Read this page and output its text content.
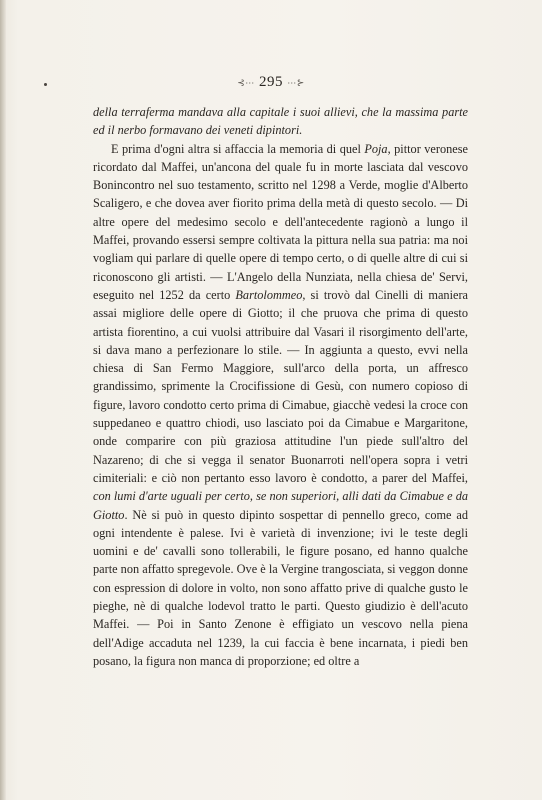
⊰⋯ 295 ⋯⊱

della terraferma mandava alla capitale i suoi allievi, che la massima parte ed il nerbo formavano dei veneti dipintori.

E prima d'ogni altra si affaccia la memoria di quel Poja, pittor veronese ricordato dal Maffei, un'ancona del quale fu in morte lasciata dal vescovo Bonincontro nel suo testamento, scritto nel 1298 a Verde, moglie d'Alberto Scaligero, e che dovea aver fiorito prima della metà di questo secolo. — Di altre opere del medesimo secolo e dell'antecedente ragionò a lungo il Maffei, provando essersi sempre coltivata la pittura nella sua patria: ma noi vogliam qui parlare di quelle opere di tempo certo, o di quelle altre di cui si riconoscono gli artisti. — L'Angelo della Nunziata, nella chiesa de' Servi, eseguito nel 1252 da certo Bartolommeo, si trovò dal Cinelli di maniera assai migliore delle opere di Giotto; il che pruova che prima di questo artista fiorentino, a cui vuolsi attribuire dal Vasari il risorgimento dell'arte, si dava mano a perfezionare lo stile. — In aggiunta a questo, evvi nella chiesa di San Fermo Maggiore, sull'arco della porta, un affresco grandissimo, sprimente la Crocifissione di Gesù, con numero copioso di figure, lavoro condotto certo prima di Cimabue, giacchè vedesi la croce con suppedaneo e quattro chiodi, uso lasciato poi da Cimabue e Margaritone, onde comparire con più graziosa attitudine l'un piede sull'altro del Nazareno; di che si vegga il senator Buonarroti nell'opera sopra i vetri cimiteriali: e ciò non pertanto esso lavoro è condotto, a parer del Maffei, con lumi d'arte uguali per certo, se non superiori, alli dati da Cimabue e da Giotto. Nè si può in questo dipinto sospettar di pennello greco, come ad ogni intendente è palese. Ivi è varietà di invenzione; ivi le teste degli uomini e de' cavalli sono tollerabili, le figure posano, ed hanno qualche parte non affatto spregevole. Ove è la Vergine trangosciata, si veggon donne con espression di dolore in volto, non sono affatto prive di qualche gusto le pieghe, nè di qualche lodevol tratto le parti. Questo giudizio è dell'acuto Maffei. — Poi in Santo Zenone è effigiato un vescovo nella piena dell'Adige accaduta nel 1239, la cui faccia è bene incarnata, i piedi ben posano, la figura non manca di proporzione; ed oltre a
